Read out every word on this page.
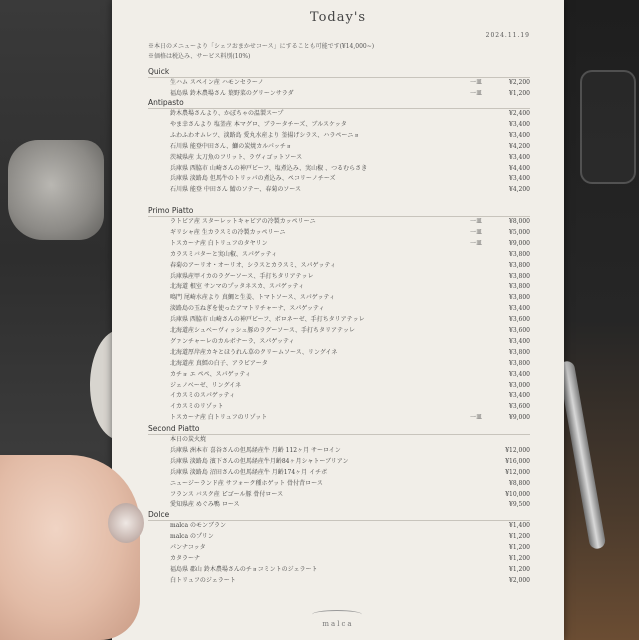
Today's
2024.11.19
※本日のメニューより「シェフおまかせコース」にすることも可能です(¥14,000~)
※価格は税込み、サービス料別(10%)
Quick
生ハム スペイン産 ハモンセラーノ	一皿	¥2,200
福島県 鈴木農場さん 葉野菜のグリーンサラダ	一皿	¥1,200
Antipasto
鈴木農場さんより、かぼちゃの温製スープ	¥2,400
やま幸さんより 塩釜産 本マグロ、ブラータチーズ、ブルスケッタ	¥3,400
ふわふわオムレツ、淡路島 愛丸水産より 釜揚げシラス、ハラペーニョ	¥3,400
石川県 能登中田さん、鰤の炭焼カルパッチョ	¥4,200
茨城県産 太刀魚のフリット、ラヴィゴットソース	¥3,400
兵庫県 西脇市 山崎さんの神戸ビーフ、塩煮込み、実山椒 、つるむらさき	¥4,400
兵庫県 淡路島 但馬牛のトリッパの煮込み、ペコリーノチーズ	¥3,400
石川県 能登 中田さん 鯖のソテー、春菊のソース	¥4,200
Primo Piatto
ラトビア産 スターレットキャビアの冷製カッペリーニ	一皿	¥8,000
ギリシャ産 生カラスミの冷製カッペリーニ	一皿	¥5,000
トスカーナ産 白トリュフのタヤリン	一皿	¥9,000
カラスミバターと実山椒、スパゲッティ	¥3,800
春菊のアーリオ・オーリオ、シラスとカラスミ、スパゲッティ	¥3,800
兵庫県産甲イカのラグーソース、手打ちタリアテッレ	¥3,800
北海道 根室 サンマのプッタネスカ、スパゲッティ	¥3,800
鳴門 尾崎水産より 真鯛と生姜、トマトソース、スパゲッティ	¥3,800
淡路島の玉ねぎを使ったアマトリチャーナ、スパゲッティ	¥3,400
兵庫県 西脇市 山崎さんの神戸ビーフ、ボロネーゼ、手打ちタリアテッレ	¥3,600
北海道産シュベーヴィッシュ豚のラグーソース、手打ちタリアテッレ	¥3,600
グァンチャーレのカルボナーラ、スパゲッティ	¥3,400
北海道厚岸産カキとほうれん草のクリームソース、リングイネ	¥3,800
北海道産 真鱈の白子、アラビアータ	¥3,800
カチョ エ ペペ、スパゲッティ	¥3,400
ジェノベーゼ、リングイネ	¥3,000
イカスミのスパゲッティ	¥3,400
イカスミのリゾット	¥3,600
トスカーナ産 白トリュフのリゾット	一皿	¥9,000
Second Piatto
本日の炭火焼
兵庫県 洲本市 喜谷さんの但馬経産牛 月齢 112ヶ月 サーロイン	¥12,000
兵庫県 淡路島 濱下さんの但馬経産牛月齢84ヶ月シャトーブリアン	¥16,000
兵庫県 淡路島 沼田さんの但馬経産牛 月齢174ヶ月 イチボ	¥12,000
ニュージーランド産 サフォーク種ホゲット 骨付背ロース	¥8,800
フランス バスク産 ピゴール豚 骨付ロース	¥10,000
愛知県産 めぐみ鴨 ロース	¥9,500
Dolce
malca のモンブラン	¥1,400
malca のプリン	¥1,200
パンナコッタ	¥1,200
カタラーナ	¥1,200
福島県 郡山 鈴木農場さんのチョコミントのジェラート	¥1,200
白トリュフのジェラート	¥2,000
malca
